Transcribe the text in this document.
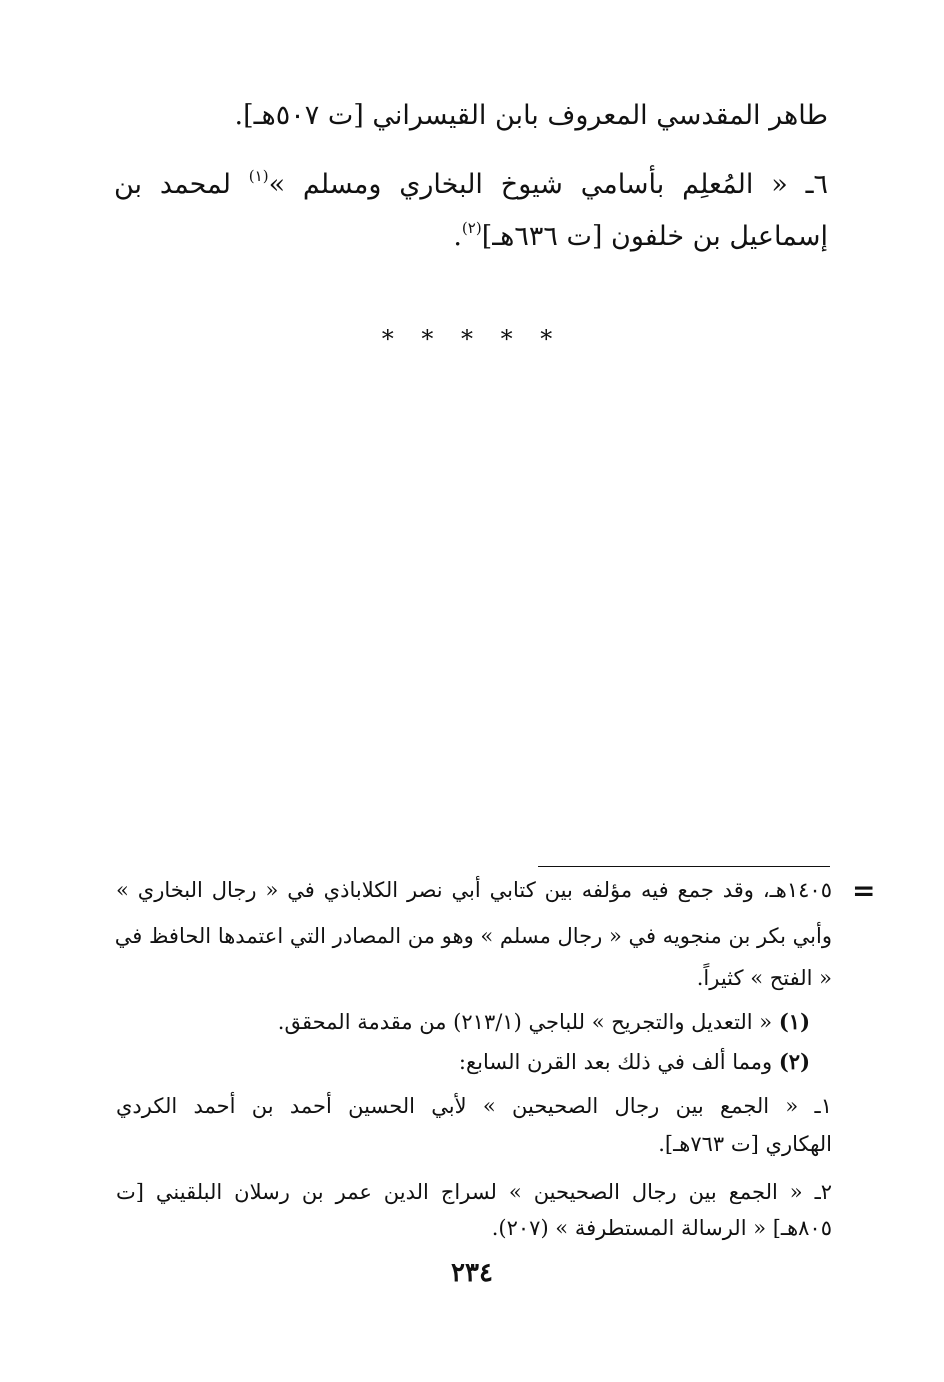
طاهر المقدسي المعروف بابن القيسراني [ت ٥٠٧هـ].
٦ـ « المُعلِم بأسامي شيوخ البخاري ومسلم »$^{(١)}$ لمحمد بن
إسماعيل بن خلفون [ت ٦٣٦هـ]$^{(٢)}$.
* * * * *
=
١٤٠٥هـ، وقد جمع فيه مؤلفه بين كتابي أبي نصر الكلاباذي في « رجال البخاري »
وأبي بكر بن منجويه في « رجال مسلم » وهو من المصادر التي اعتمدها الحافظ في
« الفتح » كثيراً.
(١) « التعديل والتجريح » للباجي (٢١٣/١) من مقدمة المحقق.
(٢) ومما ألف في ذلك بعد القرن السابع:
١ـ « الجمع بين رجال الصحيحين » لأبي الحسين أحمد بن أحمد الكردي
الهكاري [ت ٧٦٣هـ].
٢ـ « الجمع بين رجال الصحيحين » لسراج الدين عمر بن رسلان البلقيني [ت
٨٠٥هـ] « الرسالة المستطرفة » (٢٠٧).
٢٣٤
